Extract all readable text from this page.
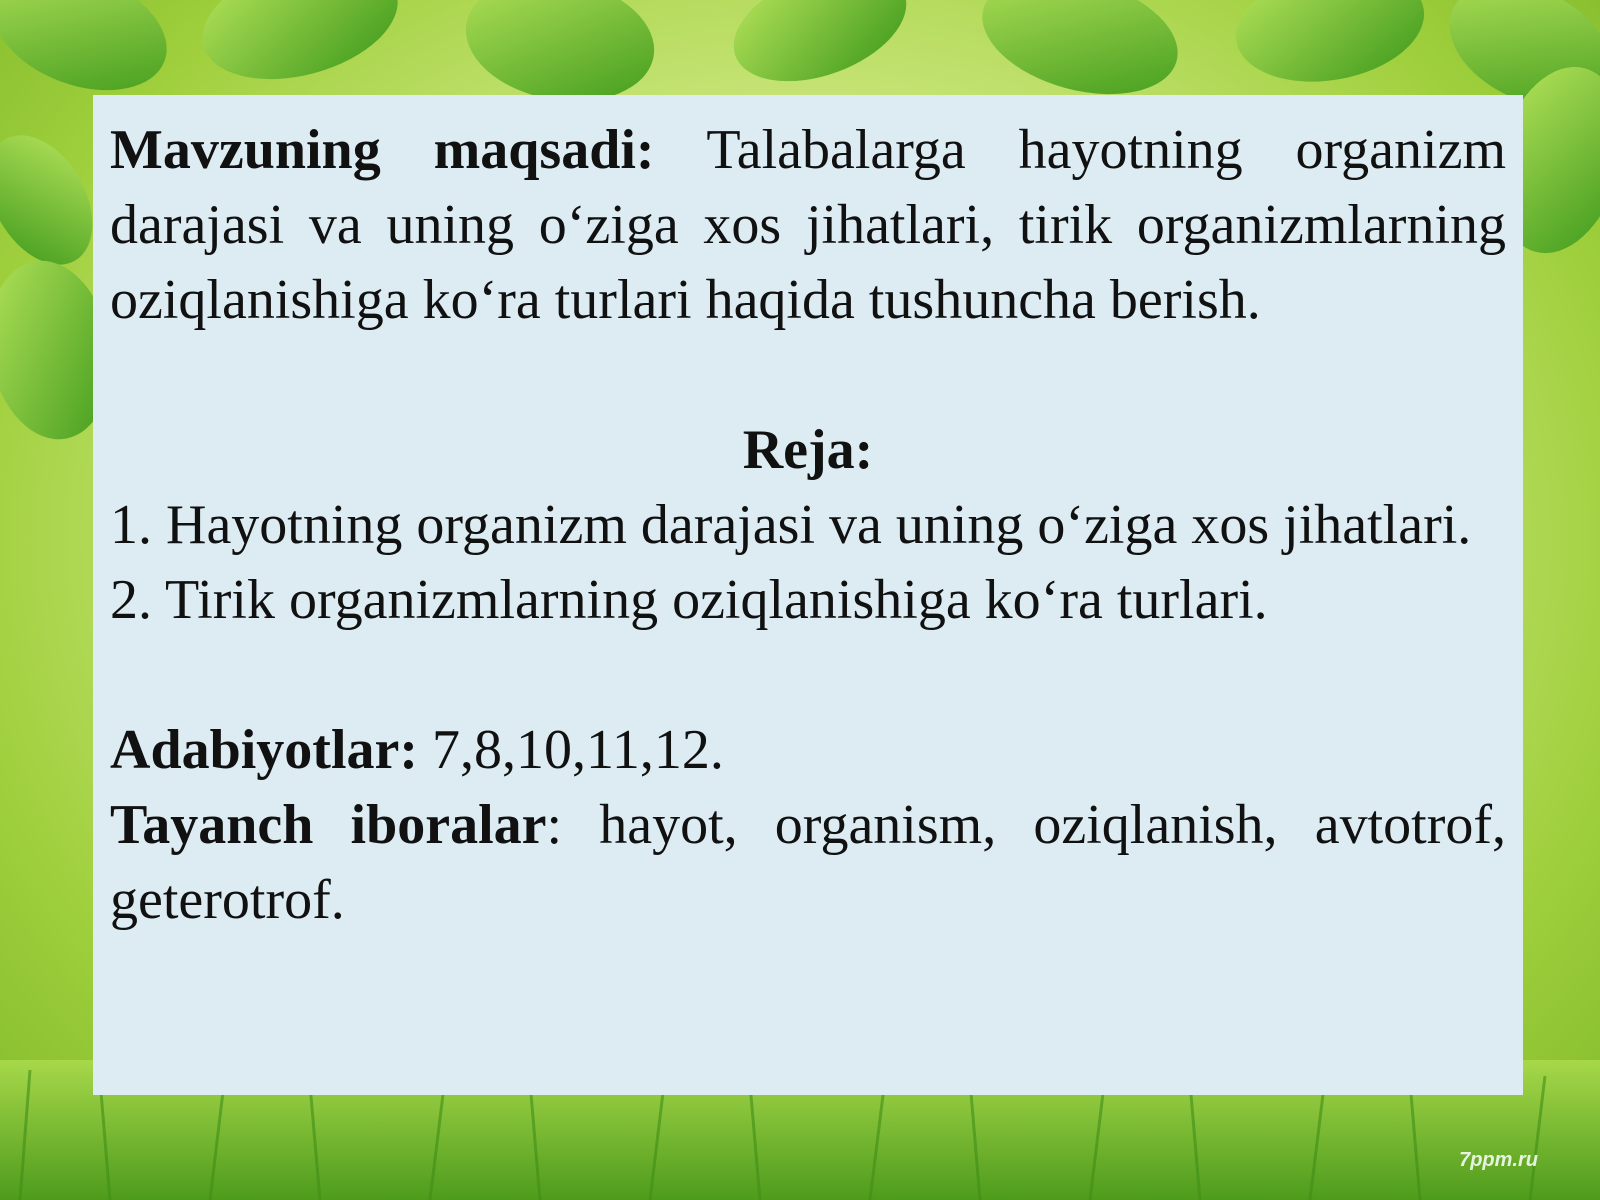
Mavzuning maqsadi: Talabalarga hayotning organizm darajasi va uning o‘ziga xos jihatlari, tirik organizmlarning oziqlanishiga ko‘ra turlari haqida tushuncha berish.

Reja:

1. Hayotning organizm darajasi va uning o‘ziga xos jihatlari.

2. Tirik organizmlarning oziqlanishiga ko‘ra turlari.

Adabiyotlar: 7,8,10,11,12.

Tayanch iboralar: hayot, organism, oziqlanish, avtotrof, geterotrof.

7ppm.ru
